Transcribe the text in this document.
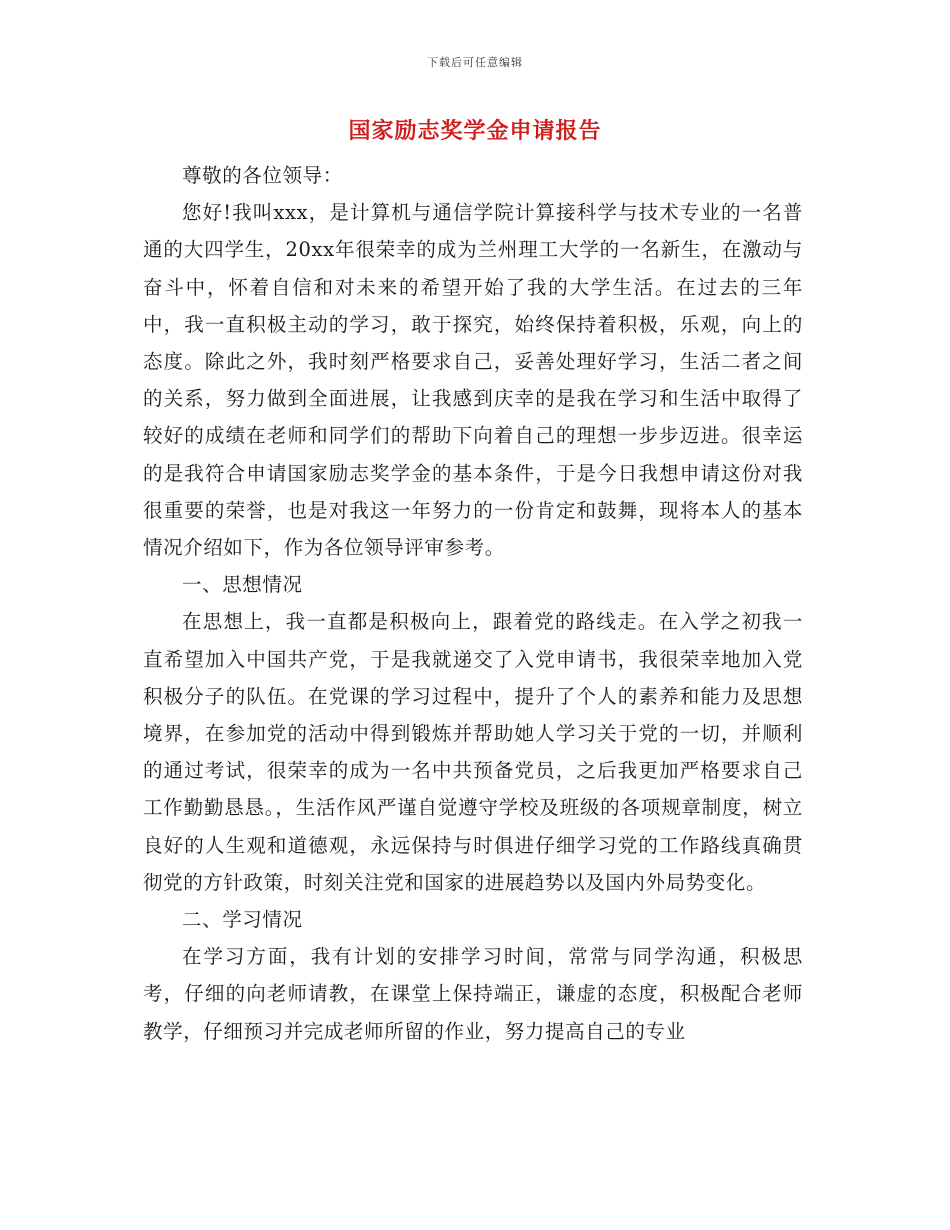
下载后可任意编辑
国家励志奖学金申请报告

尊敬的各位领导：

您好!我叫xxx，是计算机与通信学院计算接科学与技术专业的一名普通的大四学生，20xx年很荣幸的成为兰州理工大学的一名新生，在激动与奋斗中，怀着自信和对未来的希望开始了我的大学生活。在过去的三年中，我一直积极主动的学习，敢于探究，始终保持着积极，乐观，向上的态度。除此之外，我时刻严格要求自己，妥善处理好学习，生活二者之间的关系，努力做到全面进展，让我感到庆幸的是我在学习和生活中取得了较好的成绩在老师和同学们的帮助下向着自己的理想一步步迈进。很幸运的是我符合申请国家励志奖学金的基本条件，于是今日我想申请这份对我很重要的荣誉，也是对我这一年努力的一份肯定和鼓舞，现将本人的基本情况介绍如下，作为各位领导评审参考。

一、思想情况

在思想上，我一直都是积极向上，跟着党的路线走。在入学之初我一直希望加入中国共产党，于是我就递交了入党申请书，我很荣幸地加入党积极分子的队伍。在党课的学习过程中，提升了个人的素养和能力及思想境界，在参加党的活动中得到锻炼并帮助她人学习关于党的一切，并顺利的通过考试，很荣幸的成为一名中共预备党员，之后我更加严格要求自己工作勤勤恳恳。，生活作风严谨自觉遵守学校及班级的各项规章制度，树立良好的人生观和道德观，永远保持与时俱进仔细学习党的工作路线真确贯彻党的方针政策，时刻关注党和国家的进展趋势以及国内外局势变化。

二、学习情况

在学习方面，我有计划的安排学习时间，常常与同学沟通，积极思考，仔细的向老师请教，在课堂上保持端正，谦虚的态度，积极配合老师教学，仔细预习并完成老师所留的作业，努力提高自己的专业
